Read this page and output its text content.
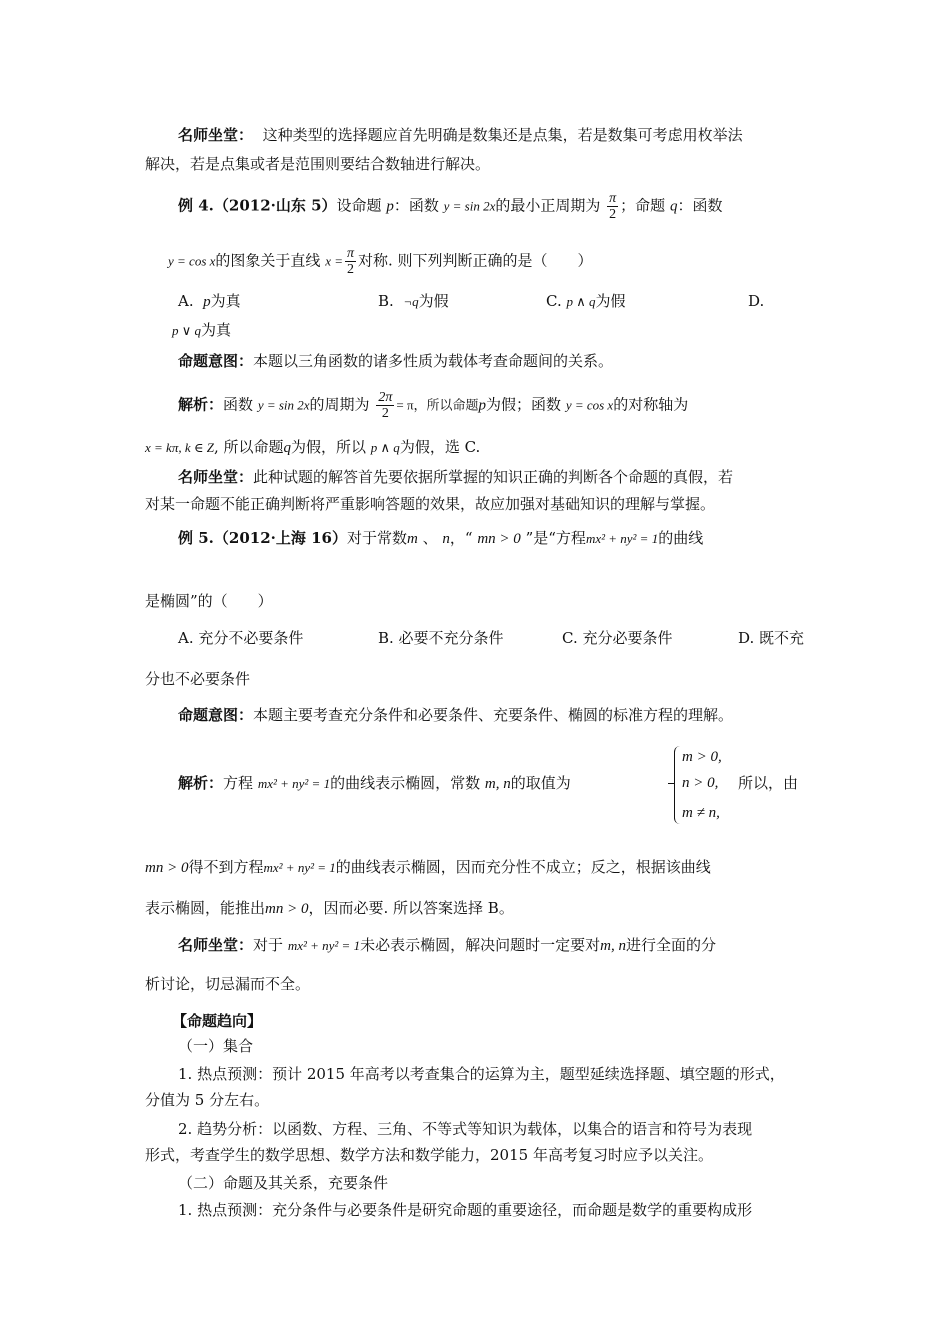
名师坐堂： 这种类型的选择题应首先明确是数集还是点集，若是数集可考虑用枚举法
解决，若是点集或者是范围则要结合数轴进行解决。
例 4.（2012·山东 5）设命题 p：函数 y = sin 2x的最小正周期为 $\frac{\pi}{2}$ ；命题 q：函数
y = cos x的图象关于直线 $x = \frac{\pi}{2}$ 对称. 则下列判断正确的是（　　）
A. p为真	B. ¬q为假	C. p ∧ q为假	D.
p ∨ q为真
命题意图：本题以三角函数的诸多性质为载体考查命题间的关系。
解析：函数 y = sin 2x的周期为 $\frac{2\pi}{2} = \pi$，所以命题p为假；函数 y = cos x的对称轴为
x = kπ, k ∈ Z, 所以命题q为假，所以 p ∧ q为假，选 C.
名师坐堂：此种试题的解答首先要依据所掌握的知识正确的判断各个命题的真假，若
对某一命题不能正确判断将严重影响答题的效果，故应加强对基础知识的理解与掌握。
例 5.（2012·上海 16）对于常数m 、 n，“ mn > 0 ”是“方程mx² + ny² = 1的曲线
是椭圆”的（　　）
A. 充分不必要条件	B. 必要不充分条件	C. 充分必要条件	D. 既不充
分也不必要条件
命题意图：本题主要考查充分条件和必要条件、充要条件、椭圆的标准方程的理解。
解析：方程 mx² + ny² = 1的曲线表示椭圆，常数 m, n的取值为
m > 0,
n > 0,
m ≠ n,
所以，由
mn > 0得不到方程mx² + ny² = 1的曲线表示椭圆，因而充分性不成立；反之，根据该曲线
表示椭圆，能推出mn > 0，因而必要. 所以答案选择 B。
名师坐堂：对于 mx² + ny² = 1未必表示椭圆，解决问题时一定要对m, n进行全面的分
析讨论，切忌漏而不全。
【命题趋向】
（一）集合
1. 热点预测：预计 2015 年高考以考查集合的运算为主，题型延续选择题、填空题的形式，
分值为 5 分左右。
2. 趋势分析：以函数、方程、三角、不等式等知识为载体，以集合的语言和符号为表现
形式，考查学生的数学思想、数学方法和数学能力，2015 年高考复习时应予以关注。
（二）命题及其关系，充要条件
1. 热点预测：充分条件与必要条件是研究命题的重要途径，而命题是数学的重要构成形
